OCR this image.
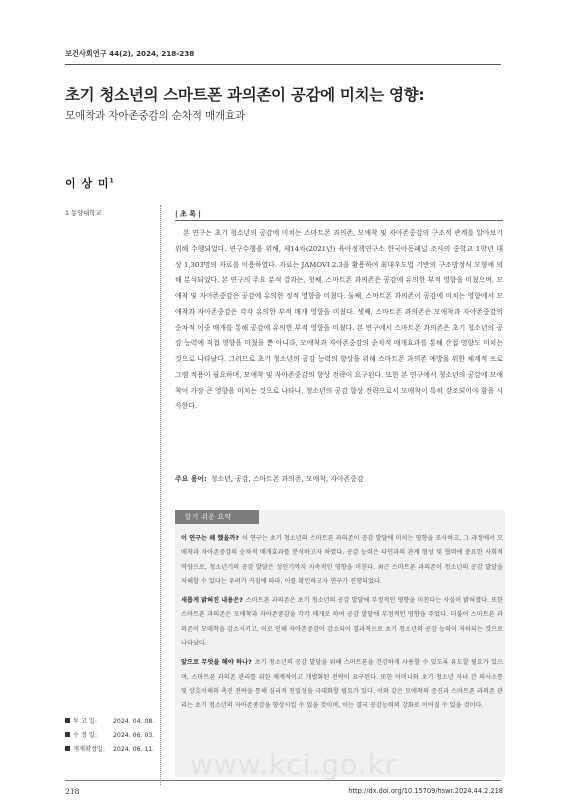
보건사회연구 44(2), 2024, 218-238
초기 청소년의 스마트폰 과의존이 공감에 미치는 영향:
모애착과 자아존중감의 순차적 매개효과
이 상 미$^1$
1 동양대학교	| 초 록 |
본 연구는 초기 청소년의 공감에 미치는 스마트폰 과의존, 모애착 및 자아존중감의 구조적 관계를 알아보기 위해 수행되었다. 연구수행을 위해, 제14차(2021년) 육아정책연구소 한국아동패널 조사의 중학교 1학년 대상 1,303명의 자료를 이용하였다. 자료는 JAMOVI 2.3을 활용하여 최대우도법 기반의 구조방정식 모형에 의해 분석되었다. 본 연구의 주요 분석 결과는, 첫째, 스마트폰 과의존은 공감에 유의한 부적 영향을 미쳤으며, 모애착 및 자아존중감은 공감에 유의한 정적 영향을 미쳤다. 둘째, 스마트폰 과의존이 공감에 미치는 영향에서 모애착과 자아존중감은 각각 유의한 부적 매개 영향을 미쳤다. 셋째, 스마트폰 과의존은 모애착과 자아존중감의 순차적 이중 매개를 통해 공감에 유의한 부적 영향을 미쳤다. 본 연구에서 스마트폰 과의존은 초기 청소년의 공감 능력에 직접 영향을 미쳤을 뿐 아니라, 모애착과 자아존중감의 순차적 매개효과를 통해 간접 영향도 미치는 것으로 나타났다. 그러므로 초기 청소년의 공감 능력의 향상을 위해 스마트폰 과의존 예방을 위한 체계적 프로그램 적용이 필요하며, 모애착 및 자아존중감의 향상 전략이 요구된다. 또한 본 연구에서 청소년의 공감에 모애착이 가장 큰 영향을 미치는 것으로 나타나, 청소년의 공감 향상 전략으로서 모애착이 특히 강조되어야 함을 시사한다.
주요 용어: 청소년, 공감, 스마트폰 과의존, 모애착, 자아존중감
알기 쉬운 요약

이 연구는 왜 했을까? 이 연구는 초기 청소년의 스마트폰 과의존이 공감 발달에 미치는 영향을 조사하고, 그 과정에서 모애착과 자아존중감의 순차적 매개효과를 분석하고자 하였다. 공감 능력은 타인과의 관계 형성 및 협력에 중요한 사회적 역량으로, 청소년기의 공감 발달은 성인기까지 지속적인 영향을 미친다. 최근 스마트폰 과의존이 청소년의 공감 발달을 저해할 수 있다는 우려가 커짐에 따라, 이를 확인하고자 연구가 진행되었다.

새롭게 밝혀진 내용은? 스마트폰 과의존은 초기 청소년의 공감 발달에 부정적인 영향을 미친다는 사실이 밝혀졌다. 또한 스마트폰 과의존은 모애착과 자아존중감을 각각 매개로 하여 공감 발달에 부정적인 영향을 주었다. 더불어 스마트폰 과의존이 모애착을 감소시키고, 이로 인해 자아존중감이 감소되어 결과적으로 초기 청소년의 공감 능력이 저하되는 것으로 나타났다.

앞으로 무엇을 해야 하나? 초기 청소년의 공감 발달을 위해 스마트폰을 건강하게 사용할 수 있도록 유도할 필요가 있으며, 스마트폰 과의존 관리를 위한 체계적이고 개별화된 전략이 요구된다. 또한 어머니와 초기 청소년 자녀 간 의사소통 및 상호이해의 촉진 전략을 통해 심리적 친밀성을 극대화할 필요가 있다. 이와 같은 모애착의 증진과 스마트폰 과의존 관리는 초기 청소년의 자아존중감을 향상시킬 수 있을 것이며, 이는 결국 공감능력의 강화로 이어질 수 있을 것이다.

투 고 일:	2024. 04. 08.
수 정 일:	2024. 06. 03.
게재확정일: 2024. 06. 11. www.kci.go.kr
218	http://dx.doi.org/10.15709/hswr.2024.44.2.218
